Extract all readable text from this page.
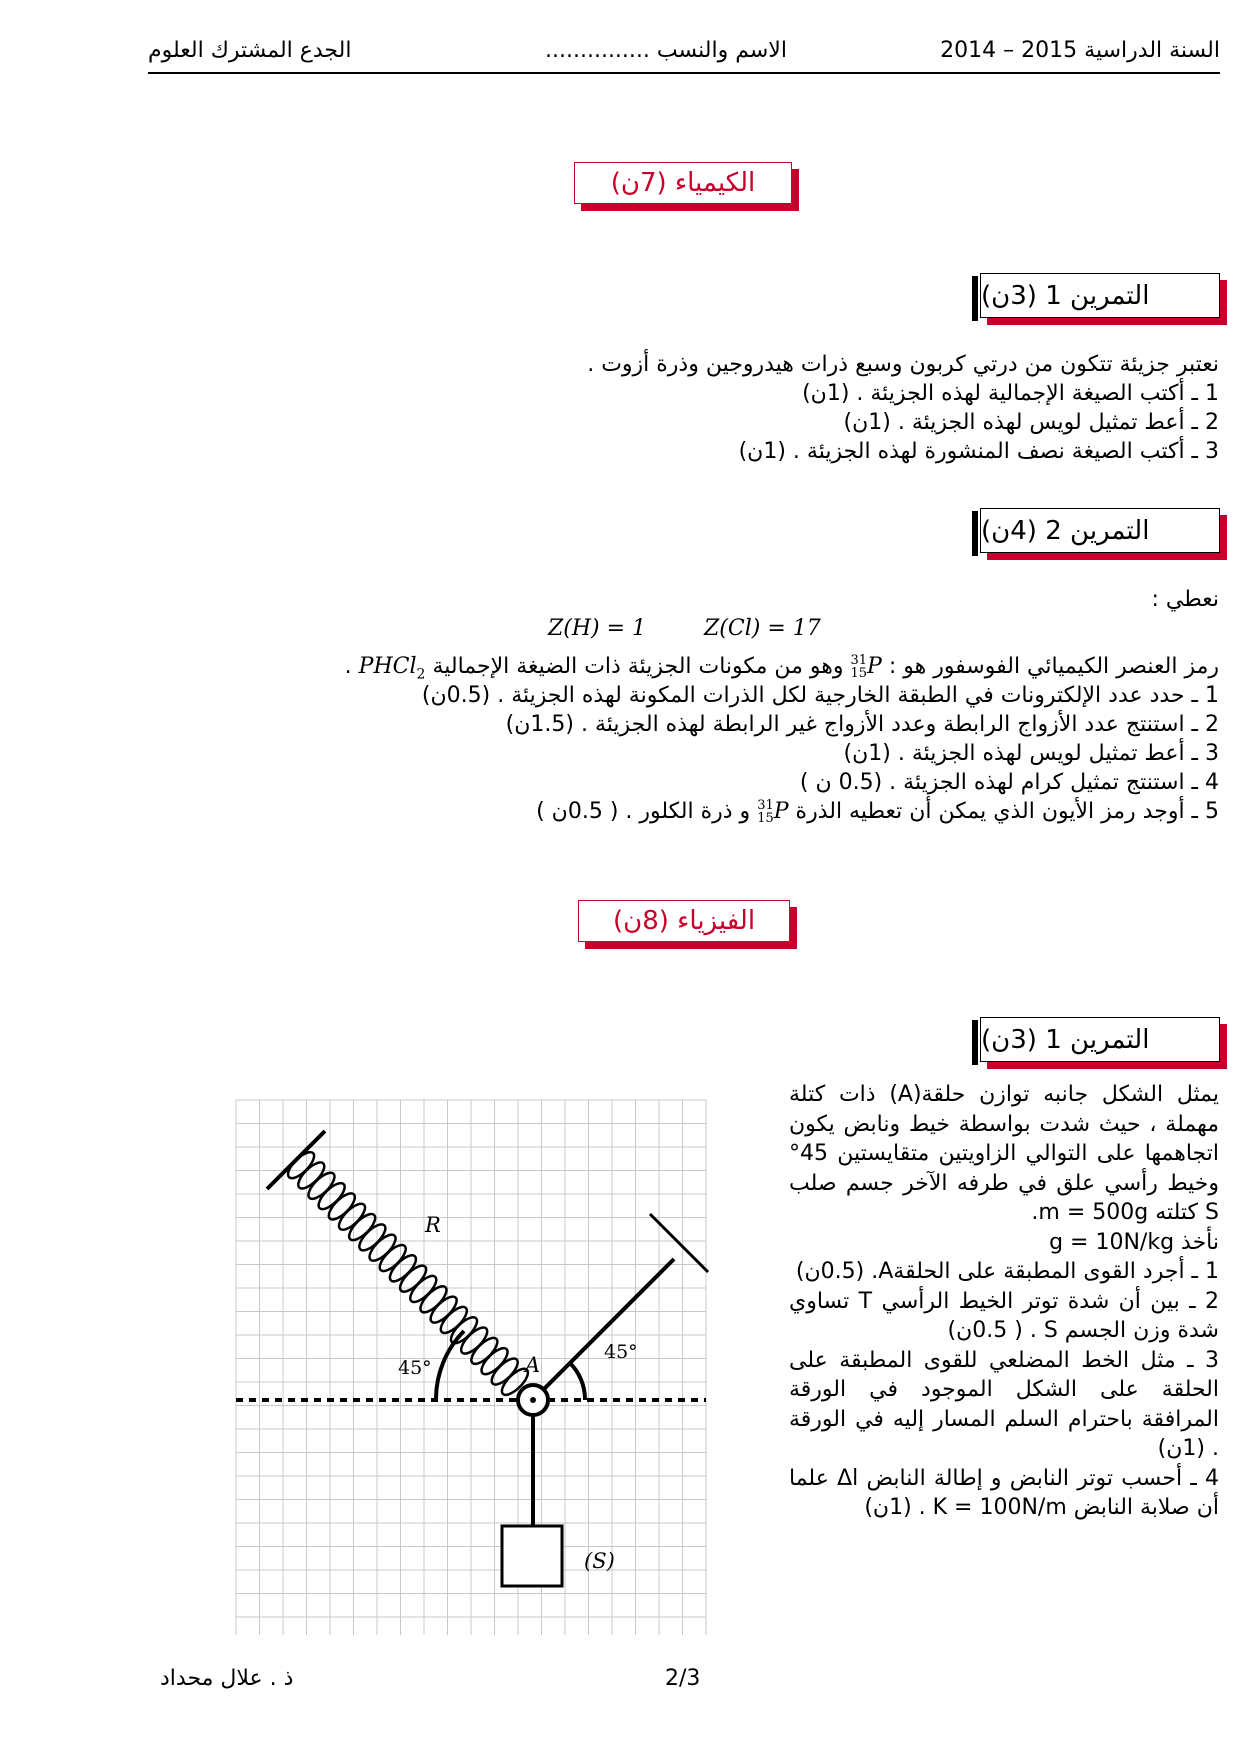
السنة الدراسية 2015 – 2014
الاسم والنسب ...............
الجدع المشترك العلوم
الكيمياء (7ن)
التمرين 1 (3ن)
نعتبر جزيئة تتكون من درتي كربون وسبع ذرات هيدروجين وذرة أزوت .
1 ـ أكتب الصيغة الإجمالية لهذه الجزيئة . (1ن)
2 ـ أعط تمثيل لويس لهذه الجزيئة . (1ن)
3 ـ أكتب الصيغة نصف المنشورة لهذه الجزيئة . (1ن)
التمرين 2 (4ن)
نعطي :
Z(H) = 1	Z(Cl) = 17
رمز العنصر الكيميائي الفوسفور هو : 31
15P وهو من مكونات الجزيئة ذات الضيغة الإجمالية PHCl$_2$ .
1 ـ حدد عدد الإلكترونات في الطبقة الخارجية لكل الذرات المكونة لهذه الجزيئة . (0.5ن)
2 ـ استنتج عدد الأزواج الرابطة وعدد الأزواج غير الرابطة لهذه الجزيئة . (1.5ن)
3 ـ أعط تمثيل لويس لهذه الجزيئة . (1ن)
4 ـ استنتج تمثيل كرام لهذه الجزيئة . (0.5 ن )
5 ـ أوجد رمز الأيون الذي يمكن أن تعطيه الذرة 31
15P و ذرة الكلور . ( 0.5ن )
الفيزياء (8ن)
التمرين 1 (3ن)

يمثل الشكل جانبه توازن حلقة(A) ذات كتلة مهملة ، حيث شدت بواسطة خيط ونابض يكون اتجاهمها على التوالي الزاويتين متقايستين 45° وخيط رأسي علق في طرفه الآخر جسم صلب S كتلته m = 500g.

نأخذ g = 10N/kg

1 ـ أجرد القوى المطبقة على الحلقةA. (0.5ن)

2 ـ بين أن شدة توتر الخيط الرأسي T تساوي شدة وزن الجسم S . ( 0.5ن)

3 ـ مثل الخط المضلعي للقوى المطبقة على الحلقة على الشكل الموجود في الورقة المرافقة باحترام السلم المسار إليه في الورقة . (1ن)

4 ـ أحسب توتر النابض و إطالة النابض Δl علما أن صلابة النابض K = 100N/m . (1ن)

R
A
45°
45°
(S)
ذ . علال محداد	2/3
